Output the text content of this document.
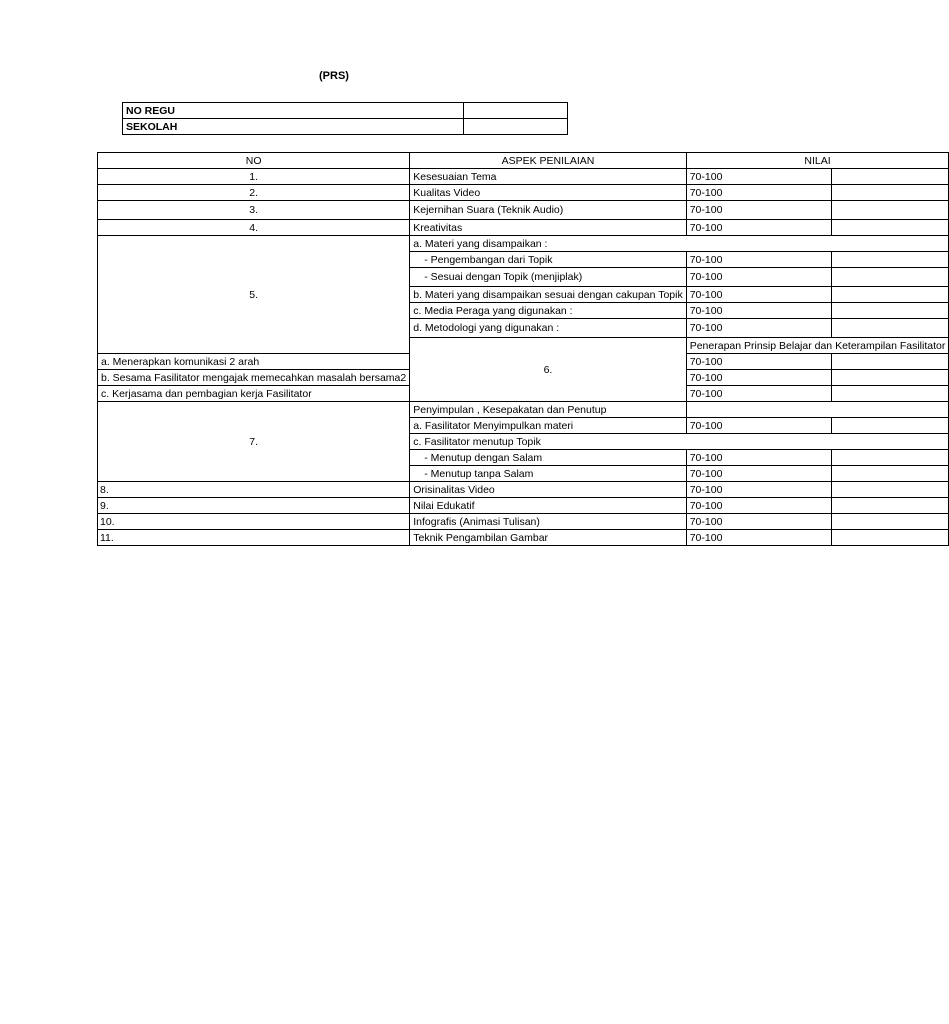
(PRS)
NO REGU	
SEKOLAH	
NO	ASPEK PENILAIAN	NILAI	
1.	Kesesuaian Tema	70-100	
2.	Kualitas Video	70-100	
3.	Kejernihan Suara (Teknik Audio)	70-100	
4.	Kreativitas	70-100	
5.	a. Materi yang disampaikan :		
	- Pengembangan dari Topik	70-100	
	- Sesuai dengan Topik (menjiplak)	70-100	
	b. Materi yang disampaikan sesuai dengan cakupan Topik	70-100	
	c. Media Peraga yang digunakan :	70-100	
	d. Metodologi yang digunakan :	70-100	
	6.	Penerapan Prinsip Belajar dan Keterampilan Fasilitator	
a. Menerapkan komunikasi 2 arah		70-100	
b. Sesama Fasilitator mengajak memecahkan masalah bersama2		70-100	
c. Kerjasama dan pembagian kerja Fasilitator		70-100	
7.	Penyimpulan , Kesepakatan dan Penutup		
	a. Fasilitator Menyimpulkan materi	70-100	
	c. Fasilitator menutup Topik		
	- Menutup dengan Salam	70-100	
	- Menutup tanpa Salam	70-100	
8.	Orisinalitas Video	70-100	
9.	Nilai Edukatif	70-100	
10.	Infografis (Animasi Tulisan)	70-100	
11.	Teknik Pengambilan Gambar	70-100	
